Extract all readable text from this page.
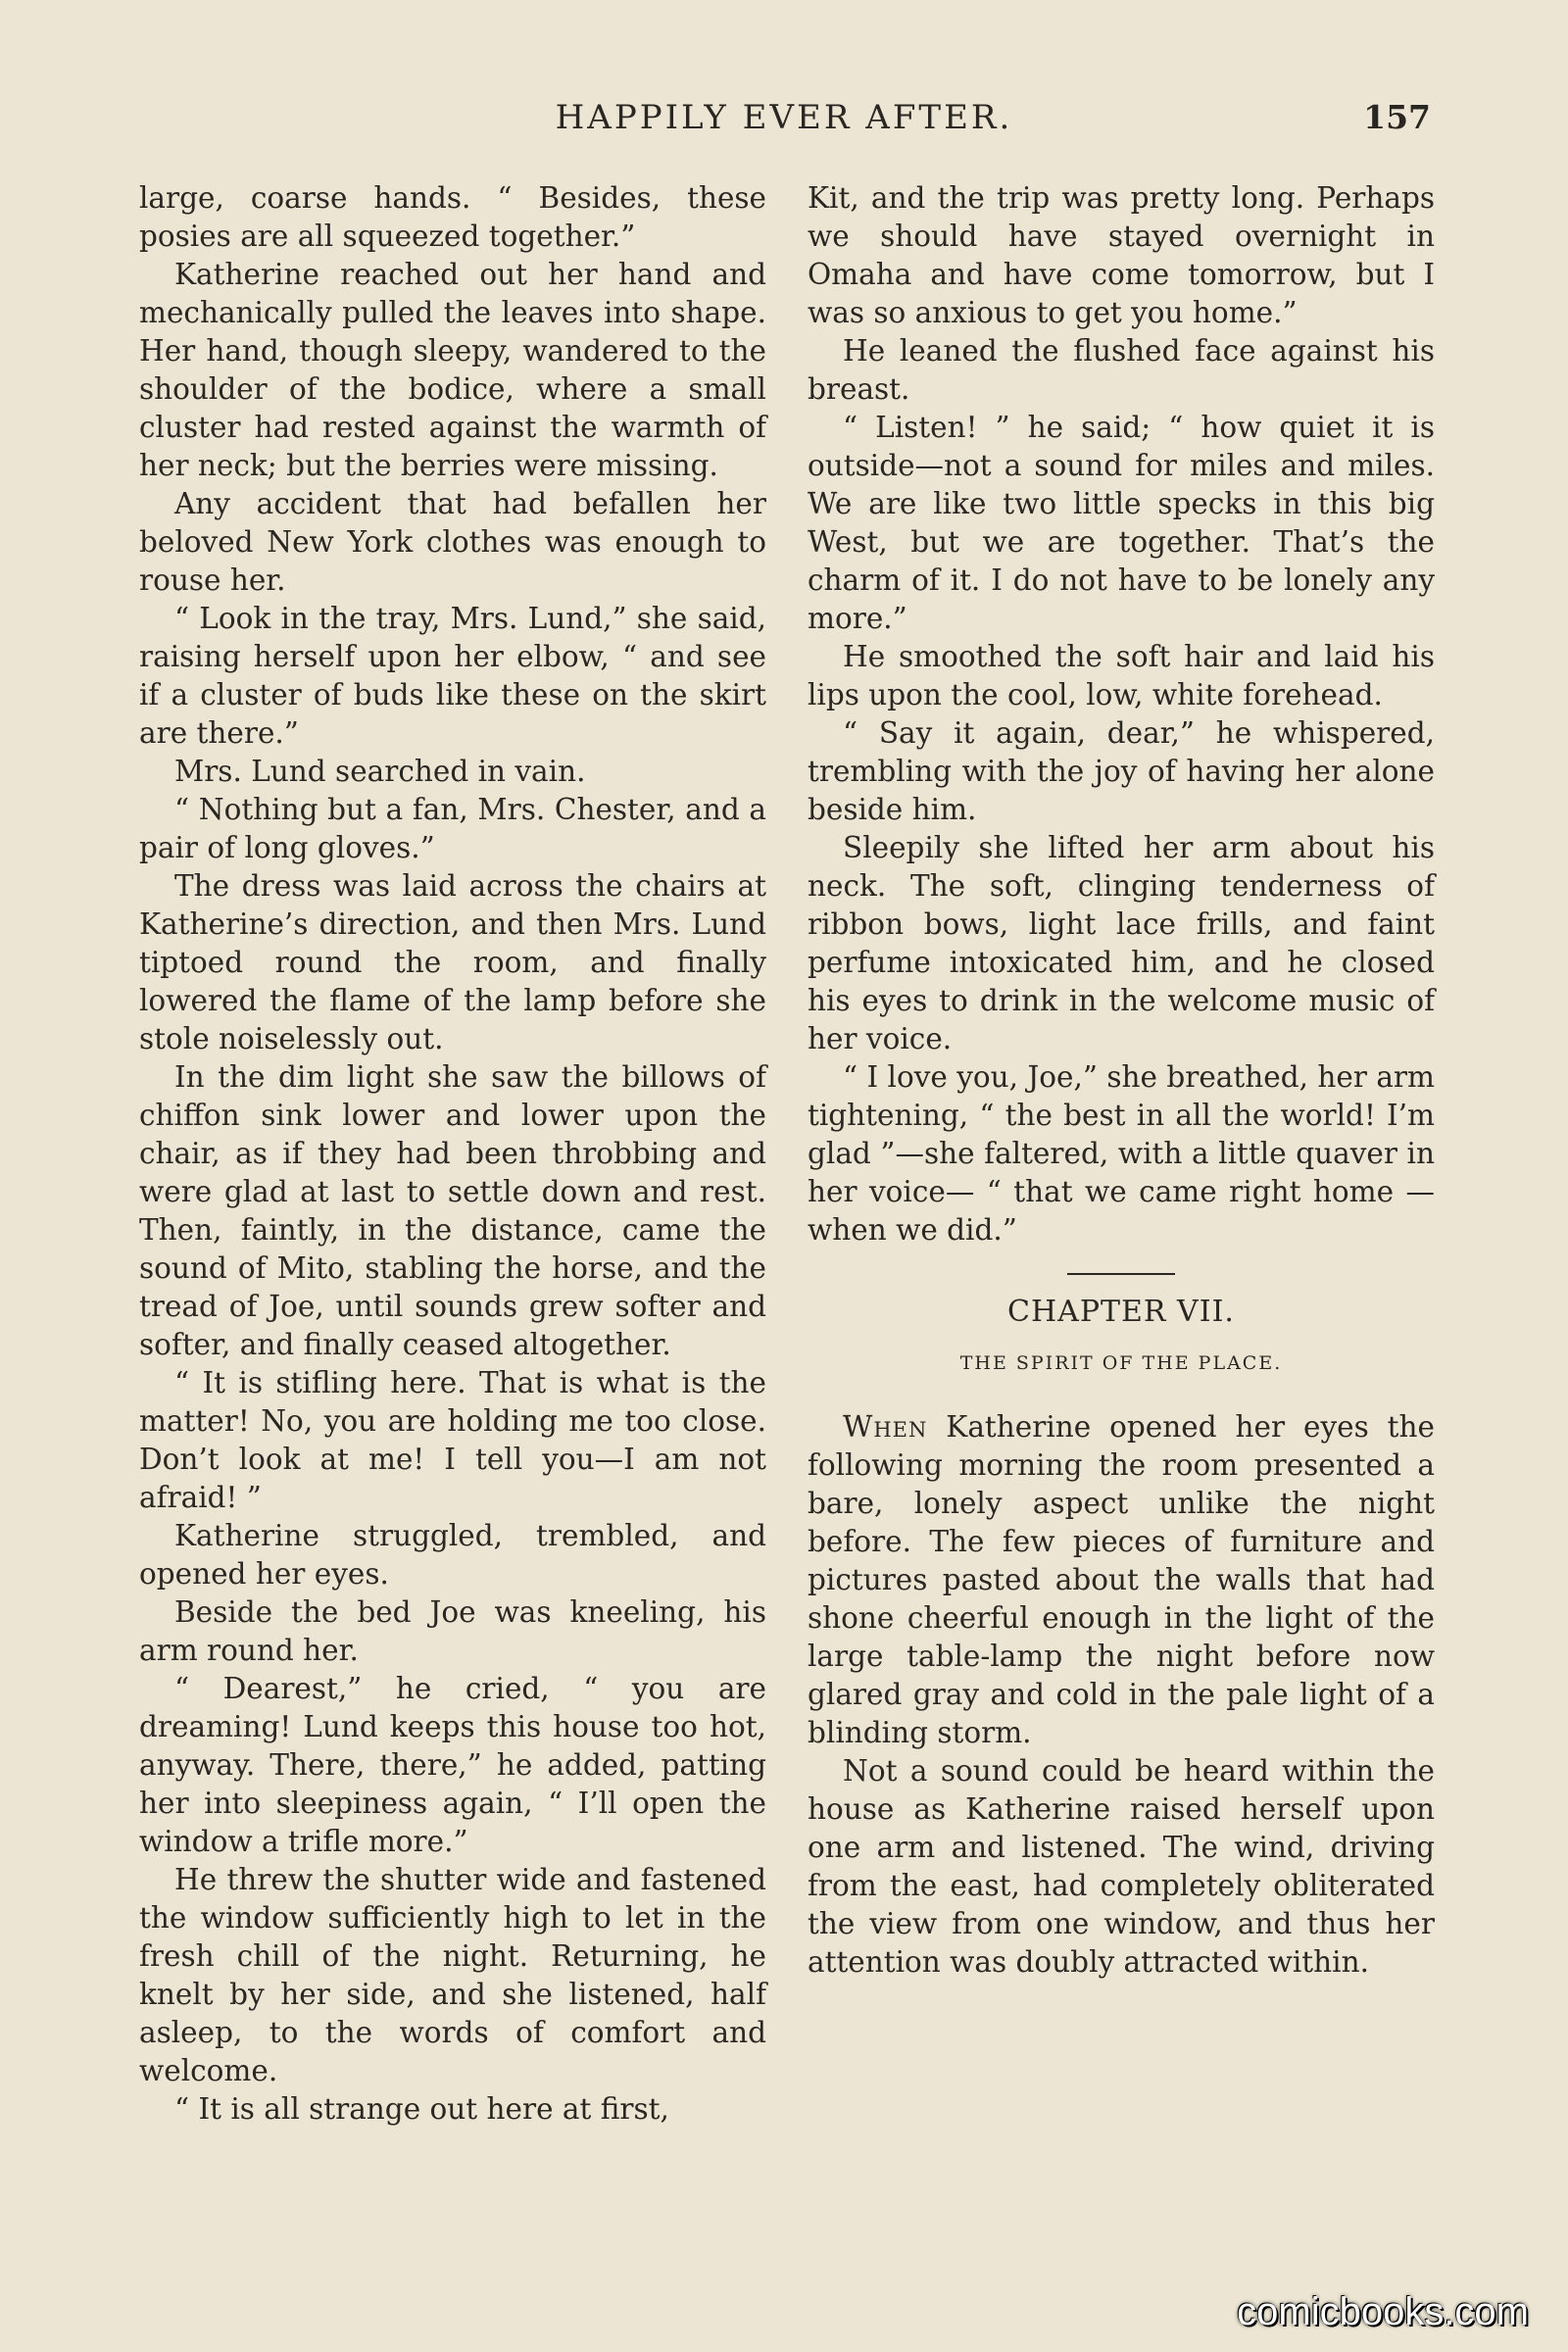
HAPPILY EVER AFTER.	157

large, coarse hands. “ Besides, these posies are all squeezed together.”

Katherine reached out her hand and mechanically pulled the leaves into shape. Her hand, though sleepy, wandered to the shoulder of the bodice, where a small cluster had rested against the warmth of her neck; but the berries were missing.

Any accident that had befallen her beloved New York clothes was enough to rouse her.

“ Look in the tray, Mrs. Lund,” she said, raising herself upon her elbow, “ and see if a cluster of buds like these on the skirt are there.”

Mrs. Lund searched in vain.

“ Nothing but a fan, Mrs. Chester, and a pair of long gloves.”

The dress was laid across the chairs at Katherine’s direction, and then Mrs. Lund tiptoed round the room, and finally lowered the flame of the lamp before she stole noiselessly out.

In the dim light she saw the billows of chiffon sink lower and lower upon the chair, as if they had been throbbing and were glad at last to settle down and rest. Then, faintly, in the distance, came the sound of Mito, stabling the horse, and the tread of Joe, until sounds grew softer and softer, and finally ceased altogether.

“ It is stifling here. That is what is the matter! No, you are holding me too close. Don’t look at me! I tell you—I am not afraid! ”

Katherine struggled, trembled, and opened her eyes.

Beside the bed Joe was kneeling, his arm round her.

“ Dearest,” he cried, “ you are dreaming! Lund keeps this house too hot, anyway. There, there,” he added, patting her into sleepiness again, “ I’ll open the window a trifle more.”

He threw the shutter wide and fastened the window sufficiently high to let in the fresh chill of the night. Returning, he knelt by her side, and she listened, half asleep, to the words of comfort and welcome.

“ It is all strange out here at first,

Kit, and the trip was pretty long. Perhaps we should have stayed overnight in Omaha and have come tomorrow, but I was so anxious to get you home.”

He leaned the flushed face against his breast.

“ Listen! ” he said; “ how quiet it is outside—not a sound for miles and miles. We are like two little specks in this big West, but we are together. That’s the charm of it. I do not have to be lonely any more.”

He smoothed the soft hair and laid his lips upon the cool, low, white forehead.

“ Say it again, dear,” he whispered, trembling with the joy of having her alone beside him.

Sleepily she lifted her arm about his neck. The soft, clinging tenderness of ribbon bows, light lace frills, and faint perfume intoxicated him, and he closed his eyes to drink in the welcome music of her voice.

“ I love you, Joe,” she breathed, her arm tightening, “ the best in all the world! I’m glad ”—she faltered, with a little quaver in her voice— “ that we came right home — when we did.”

CHAPTER VII.
THE SPIRIT OF THE PLACE.

When Katherine opened her eyes the following morning the room presented a bare, lonely aspect unlike the night before. The few pieces of furniture and pictures pasted about the walls that had shone cheerful enough in the light of the large table-lamp the night before now glared gray and cold in the pale light of a blinding storm.

Not a sound could be heard within the house as Katherine raised herself upon one arm and listened. The wind, driving from the east, had completely obliterated the view from one window, and thus her attention was doubly attracted within.

comicbooks.com
